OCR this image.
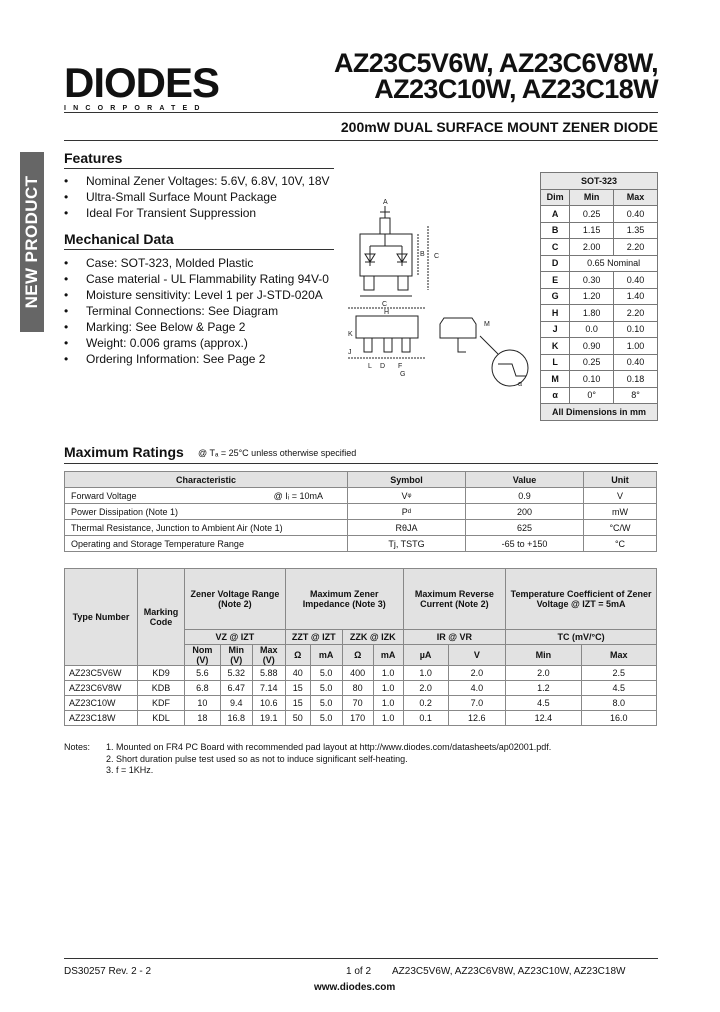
DIODES
INCORPORATED
AZ23C5V6W, AZ23C6V8W,
AZ23C10W, AZ23C18W
200mW DUAL SURFACE MOUNT ZENER DIODE
NEW PRODUCT
Features
• Nominal Zener Voltages: 5.6V, 6.8V, 10V, 18V
• Ultra-Small Surface Mount Package
• Ideal For Transient Suppression
Mechanical Data
• Case: SOT-323, Molded Plastic
• Case material - UL Flammability Rating 94V-0
• Moisture sensitivity: Level 1 per J-STD-020A
• Terminal Connections: See Diagram
• Marking: See Below & Page 2
• Weight: 0.006 grams (approx.)
• Ordering Information: See Page 2
A
C
B
C
H
K
J
D
L	F
G
M
α
SOT-323		
Dim	Min	Max
A	0.25	0.40
B	1.15	1.35
C	2.00	2.20
D	0.65 Nominal	
E	0.30	0.40
G	1.20	1.40
H	1.80	2.20
J	0.0	0.10
K	0.90	1.00
L	0.25	0.40
M	0.10	0.18
α	0°	8°
All Dimensions in mm		
Maximum Ratings @ Tₐ = 25°C unless otherwise specified
Characteristic	Symbol	Value	Unit
Forward Voltage @ Iᵢ = 10mA	Vᵠ	0.9	V
Power Dissipation (Note 1)	Pᵈ	200	mW
Thermal Resistance, Junction to Ambient Air (Note 1)	RθJA	625	°C/W
Operating and Storage Temperature Range	Tj, TSTG	-65 to +150	°C
Type Number	Marking Code	Zener Voltage Range (Note 2)			Maximum Zener Impedance (Note 3)				Maximum Reverse Current (Note 2)		Temperature Coefficient of Zener Voltage @ IZT = 5mA	
		VZ @ IZT			ZZT @ IZT		ZZK @ IZK		IR @ VR		TC (mV/°C)	
		Nom (V)	Min (V)	Max (V)	Ω	mA	Ω	mA	µA	V	Min	Max
AZ23C5V6W	KD9	5.6	5.32	5.88	40	5.0	400	1.0	1.0	2.0	2.0	2.5
AZ23C6V8W	KDB	6.8	6.47	7.14	15	5.0	80	1.0	2.0	4.0	1.2	4.5
AZ23C10W	KDF	10	9.4	10.6	15	5.0	70	1.0	0.2	7.0	4.5	8.0
AZ23C18W	KDL	18	16.8	19.1	50	5.0	170	1.0	0.1	12.6	12.4	16.0
Notes: 1. Mounted on FR4 PC Board with recommended pad layout at http://www.diodes.com/datasheets/ap02001.pdf.
2. Short duration pulse test used so as not to induce significant self-heating.
3. f = 1KHz.
DS30257 Rev. 2 - 2	1 of 2 AZ23C5V6W, AZ23C6V8W, AZ23C10W, AZ23C18W
www.diodes.com
